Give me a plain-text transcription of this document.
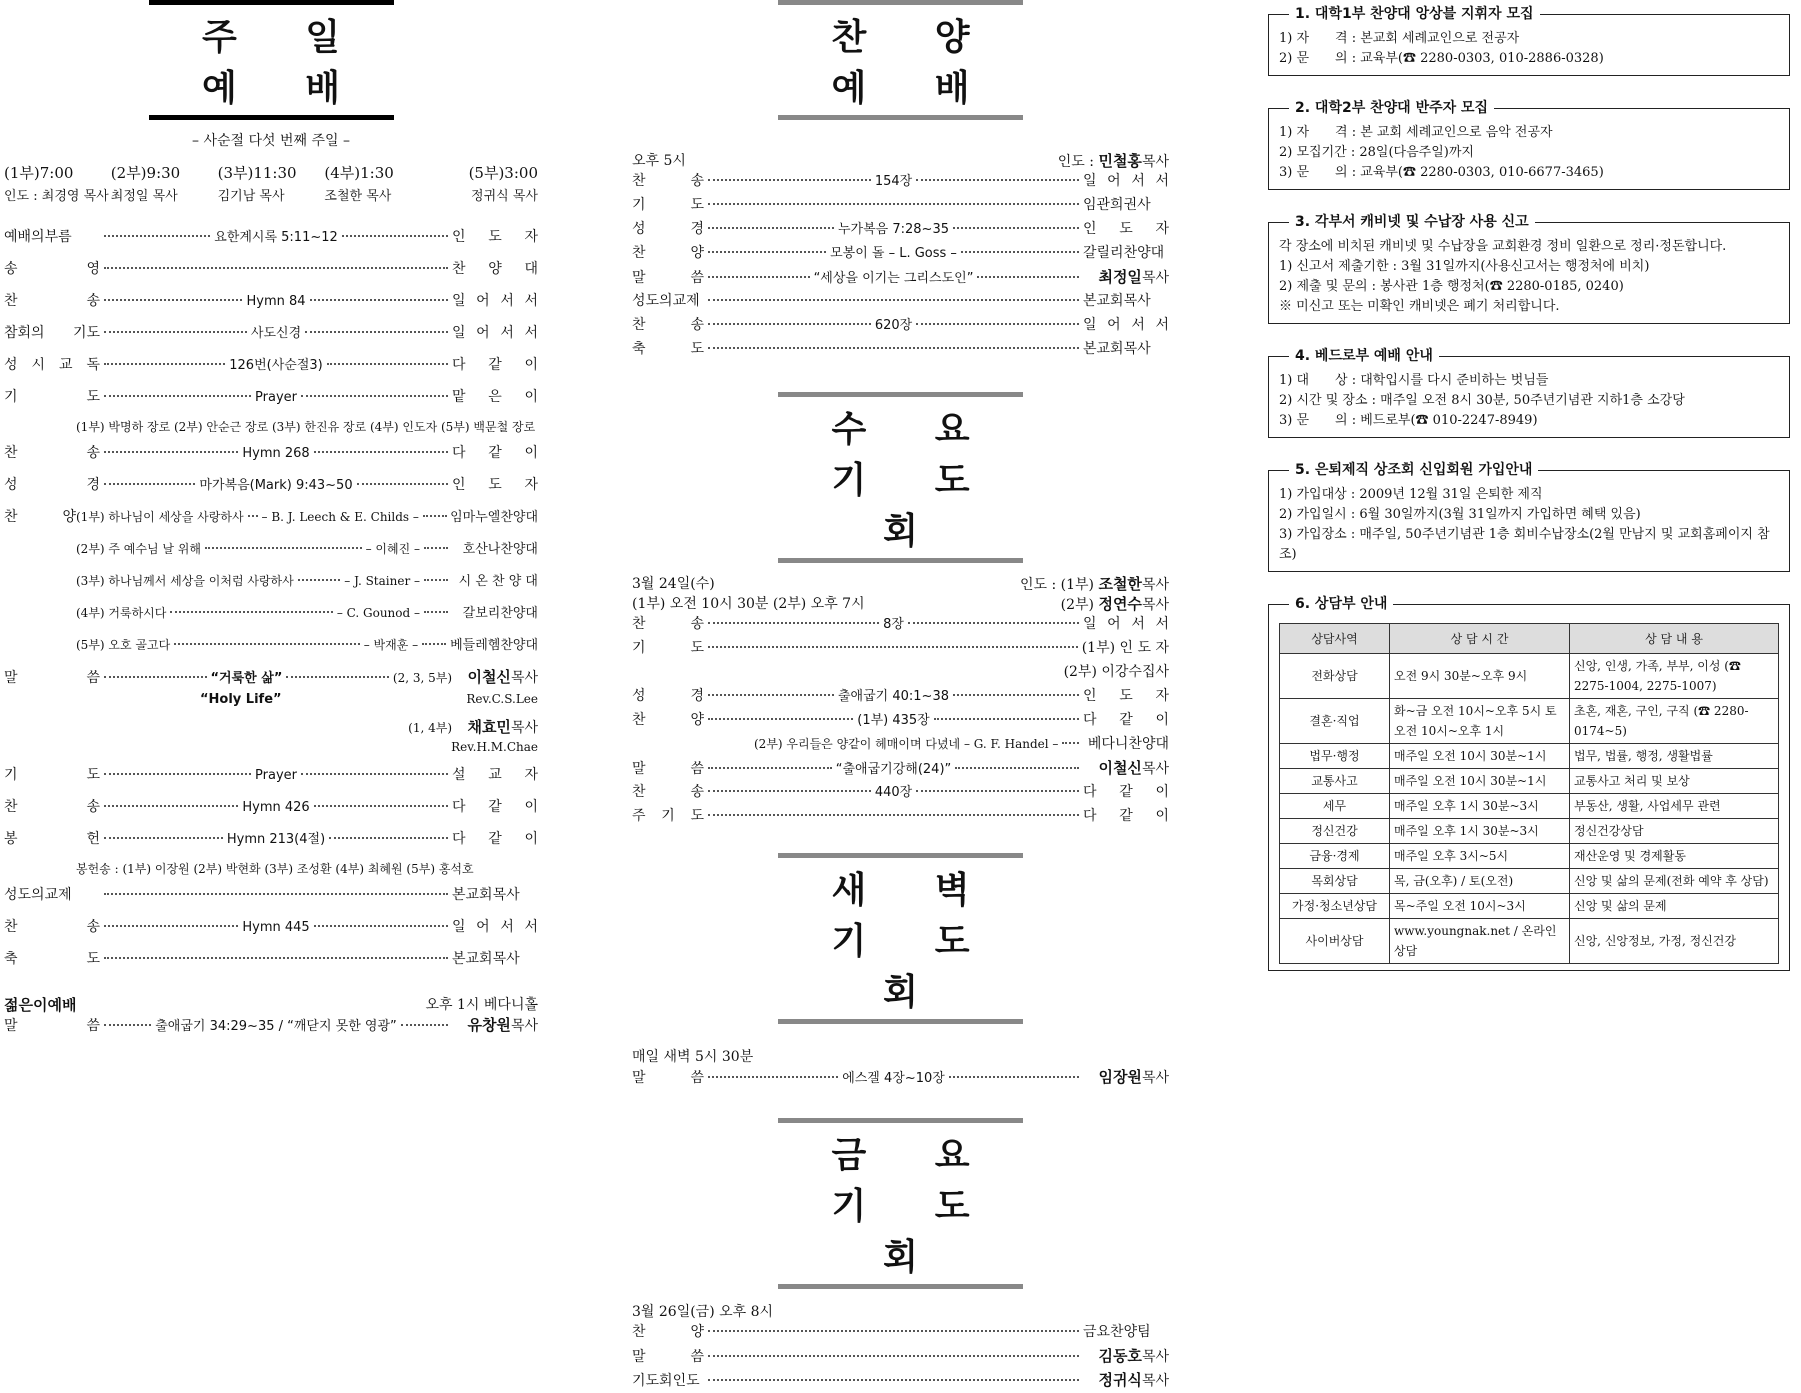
주 일 예 배
– 사순절 다섯 번째 주일 –
(1부)7:00	(2부)9:30	(3부)11:30	(4부)1:30	(5부)3:00
인도 : 최경영 목사 최정일 목사	김기남 목사	조철한 목사	정귀식 목사
예배의부름	요한계시록 5:11~12	인 도 자
송 영	찬 양 대
찬 송	Hymn 84	일 어 서 서
참회의 기도	사도신경	일 어 서 서
성 시 교 독	126번(사순절3)	다 같 이
기 도	Prayer	맡 은 이
(1부) 박명하 장로 (2부) 안순근 장로 (3부) 한진유 장로 (4부) 인도자 (5부) 백문철 장로
찬 송	Hymn 268	다 같 이
성 경	마가복음(Mark) 9:43~50	인 도 자
찬 양 (1부) 하나님이 세상을 사랑하사 – B. J. Leech & E. Childs – 임마누엘찬양대
(2부) 주 예수님 날 위해	– 이혜진 –	호산나찬양대
(3부) 하나님께서 세상을 이처럼 사랑하사	– J. Stainer –	시 온 찬 양 대
(4부) 거룩하시다	– C. Gounod –	갈보리찬양대
(5부) 오호 골고다	– 박재훈 – 베들레헴찬양대
말 씀	“거룩한 삶”	(2, 3, 5부)	이철신목사
“Holy Life”	Rev.C.S.Lee
(1, 4부)	채효민목사
Rev.H.M.Chae
기 도	Prayer	설 교 자
찬 송	Hymn 426	다 같 이
봉 헌	Hymn 213(4절)	다 같 이
봉헌송 : (1부) 이장원 (2부) 박현화 (3부) 조성환 (4부) 최혜원 (5부) 홍석호
성도의교제	본교회목사
찬 송	Hymn 445	일 어 서 서
축 도	본교회목사
젊은이예배	오후 1시 베다니홀
말 씀	출애굽기 34:29~35 / “깨닫지 못한 영광”	유창원목사
찬 양 예 배
오후 5시	인도 : 민철홍목사
찬 송	154장	일 어 서 서
기 도	임관희권사
성 경	누가복음 7:28~35	인 도 자
찬 양	모봉이 돌 – L. Goss –	갈릴리찬양대
말 씀	“세상을 이기는 그리스도인”	최정일목사
성도의교제	본교회목사
찬 송	620장	일 어 서 서
축 도	본교회목사
수 요 기 도 회
3월 24일(수)	인도 : (1부) 조철한목사
(1부) 오전 10시 30분 (2부) 오후 7시	(2부) 정연수목사
찬 송	8장	일 어 서 서
기 도	(1부) 인 도 자
(2부) 이강수집사
성 경	출애굽기 40:1~38	인 도 자
찬 양	(1부) 435장	다 같 이
(2부) 우리들은 양같이 헤매이며 다녔네 – G. F. Handel –	베다니찬양대
말 씀	“출애굽기강해(24)”	이철신목사
찬 송	440장	다 같 이
주 기 도	다 같 이
새 벽 기 도 회
매일 새벽 5시 30분
말 씀	에스겔 4장~10장	임장원목사
금 요 기 도 회
3월 26일(금) 오후 8시
찬 양	금요찬양팀
말 씀	김동호목사
기도회인도	정귀식목사
1. 대학1부 찬양대 앙상블 지휘자 모집
1) 자　　격 : 본교회 세례교인으로 전공자
2) 문　　의 : 교육부(☎ 2280-0303, 010-2886-0328)
2. 대학2부 찬양대 반주자 모집
1) 자　　격 : 본 교회 세례교인으로 음악 전공자
2) 모집기간 : 28일(다음주일)까지
3) 문　　의 : 교육부(☎ 2280-0303, 010-6677-3465)
3. 각부서 캐비넷 및 수납장 사용 신고
각 장소에 비치된 캐비넷 및 수납장을 교회환경 정비 일환으로 정리·정돈합니다.
1) 신고서 제출기한 : 3월 31일까지(사용신고서는 행정처에 비치)
2) 제출 및 문의 : 봉사관 1층 행정처(☎ 2280-0185, 0240)
※ 미신고 또는 미확인 캐비넷은 폐기 처리합니다.
4. 베드로부 예배 안내
1) 대　　상 : 대학입시를 다시 준비하는 벗님들
2) 시간 및 장소 : 매주일 오전 8시 30분, 50주년기념관 지하1층 소강당
3) 문　　의 : 베드로부(☎ 010-2247-8949)
5. 은퇴제직 상조회 신입회원 가입안내
1) 가입대상 : 2009년 12월 31일 은퇴한 제직
2) 가입일시 : 6월 30일까지(3월 31일까지 가입하면 혜택 있음)
3) 가입장소 : 매주일, 50주년기념관 1층 회비수납장소(2월 만남지 및 교회홈페이지 참조)
6. 상담부 안내
상담사역	상 담 시 간	상 담 내 용
전화상담	오전 9시 30분~오후 9시	신앙, 인생, 가족, 부부, 이성 (☎ 2275-1004, 2275-1007)
결혼·직업	화~금 오전 10시~오후 5시 토　 오전 10시~오후 1시	초혼, 재혼, 구인, 구직 (☎ 2280-0174~5)
법무·행정	매주일 오전 10시 30분~1시	법무, 법률, 행정, 생활법률
교통사고	매주일 오전 10시 30분~1시	교통사고 처리 및 보상
세무	매주일 오후 1시 30분~3시	부동산, 생활, 사업세무 관련
정신건강	매주일 오후 1시 30분~3시	정신건강상담
금융·경제	매주일 오후 3시~5시	재산운영 및 경제활동
목회상담	목, 금(오후) / 토(오전)	신앙 및 삶의 문제(전화 예약 후 상담)
가정·청소년상담	목~주일 오전 10시~3시	신앙 및 삶의 문제
사이버상담	www.youngnak.net / 온라인상담	신앙, 신앙정보, 가정, 정신건강
